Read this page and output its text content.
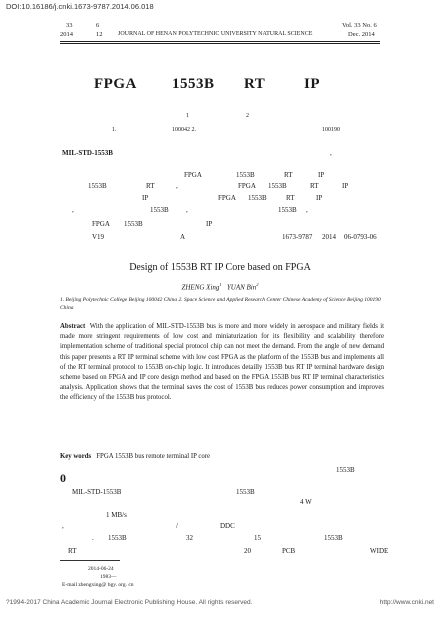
DOI:10.16186/j.cnki.1673-9787.2014.06.018
33	6
2014	12	JOURNAL OF HENAN POLYTECHNIC UNIVERSITY NATURAL SCIENCE
Vol. 33 No. 6
Dec. 2014
FPGA 1553B RT	IP
1	2
1.	100042 2.	100190
MIL-STD-1553B	,
FPGA	1553B	RT	IP
1553B	RT	,	FPGA 1553B	RT	IP
IP	FPGA 1553B	RT	IP
,	1553B ,	1553B ,
FPGA 1553B	IP
V19	A	1673-9787 2014 06-0793-06
Design of 1553B RT IP Core based on FPGA
ZHENG Xing$^1$ YUAN Bin$^2$
1. Beijing Polytechnic College Beijing 100042 China 2. Space Science and Applied Research Center Chinese Academy of Science Beijing 100190 China
Abstract With the application of MIL-STD-1553B bus is more and more widely in aerospace and military fields it made more stringent requirements of low cost and miniaturization for its flexibility and scalability therefore implementation scheme of traditional special protocol chip can not meet the demand. From the angle of new demand this paper presents a RT IP terminal scheme with low cost FPGA as the platform of the 1553B bus and implements all of the RT terminal protocol to 1553B on-chip logic. It introduces detailly 1553B bus RT IP terminal hardware design scheme based on FPGA and IP core design method and based on the FPGA 1553B bus RT IP terminal characteristics analysis. Application shows that the terminal saves the cost of 1553B bus reduces power consumption and improves the efficiency of the 1553B bus protocol.
Key words FPGA 1553B bus remote terminal IP core
0
1553B
MIL-STD-1553B	1553B
4 W
1 MB/s
,	/	DDC
. 1553B	32	15	1553B
RT	20	PCB	WIDE
2014-06-24
1983—
E-mail zhengxing@ bgy. org. cn
?1994-2017 China Academic Journal Electronic Publishing House. All rights reserved.	http://www.cnki.net
